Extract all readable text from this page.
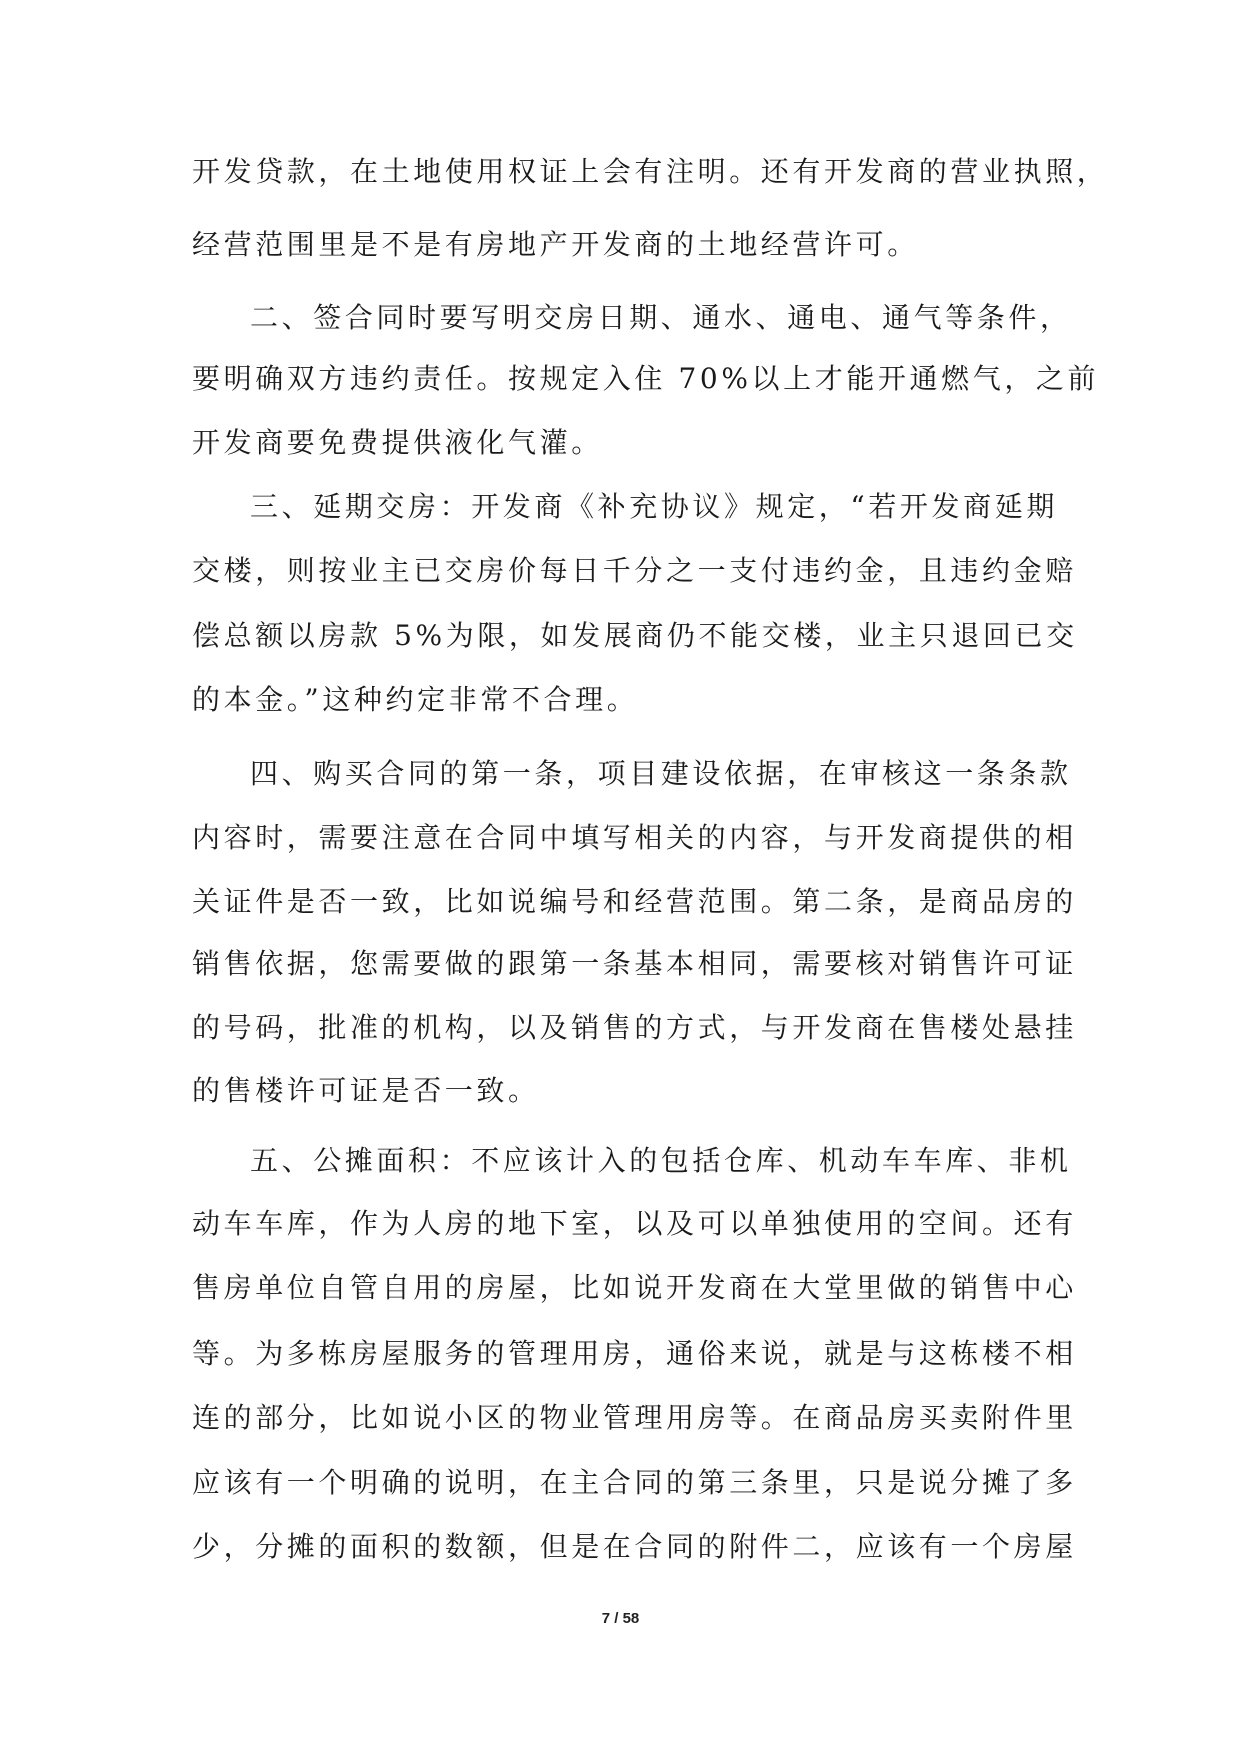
开发贷款，在土地使用权证上会有注明。还有开发商的营业执照，
经营范围里是不是有房地产开发商的土地经营许可。
二、签合同时要写明交房日期、通水、通电、通气等条件，
要明确双方违约责任。按规定入住 70%以上才能开通燃气，之前
开发商要免费提供液化气灌。
三、延期交房：开发商《补充协议》规定，“若开发商延期
交楼，则按业主已交房价每日千分之一支付违约金，且违约金赔
偿总额以房款 5%为限，如发展商仍不能交楼，业主只退回已交
的本金。”这种约定非常不合理。
四、购买合同的第一条，项目建设依据，在审核这一条条款
内容时，需要注意在合同中填写相关的内容，与开发商提供的相
关证件是否一致，比如说编号和经营范围。第二条，是商品房的
销售依据，您需要做的跟第一条基本相同，需要核对销售许可证
的号码，批准的机构，以及销售的方式，与开发商在售楼处悬挂
的售楼许可证是否一致。
五、公摊面积：不应该计入的包括仓库、机动车车库、非机
动车车库，作为人房的地下室，以及可以单独使用的空间。还有
售房单位自管自用的房屋，比如说开发商在大堂里做的销售中心
等。为多栋房屋服务的管理用房，通俗来说，就是与这栋楼不相
连的部分，比如说小区的物业管理用房等。在商品房买卖附件里
应该有一个明确的说明，在主合同的第三条里，只是说分摊了多
少，分摊的面积的数额，但是在合同的附件二，应该有一个房屋
7 / 58
